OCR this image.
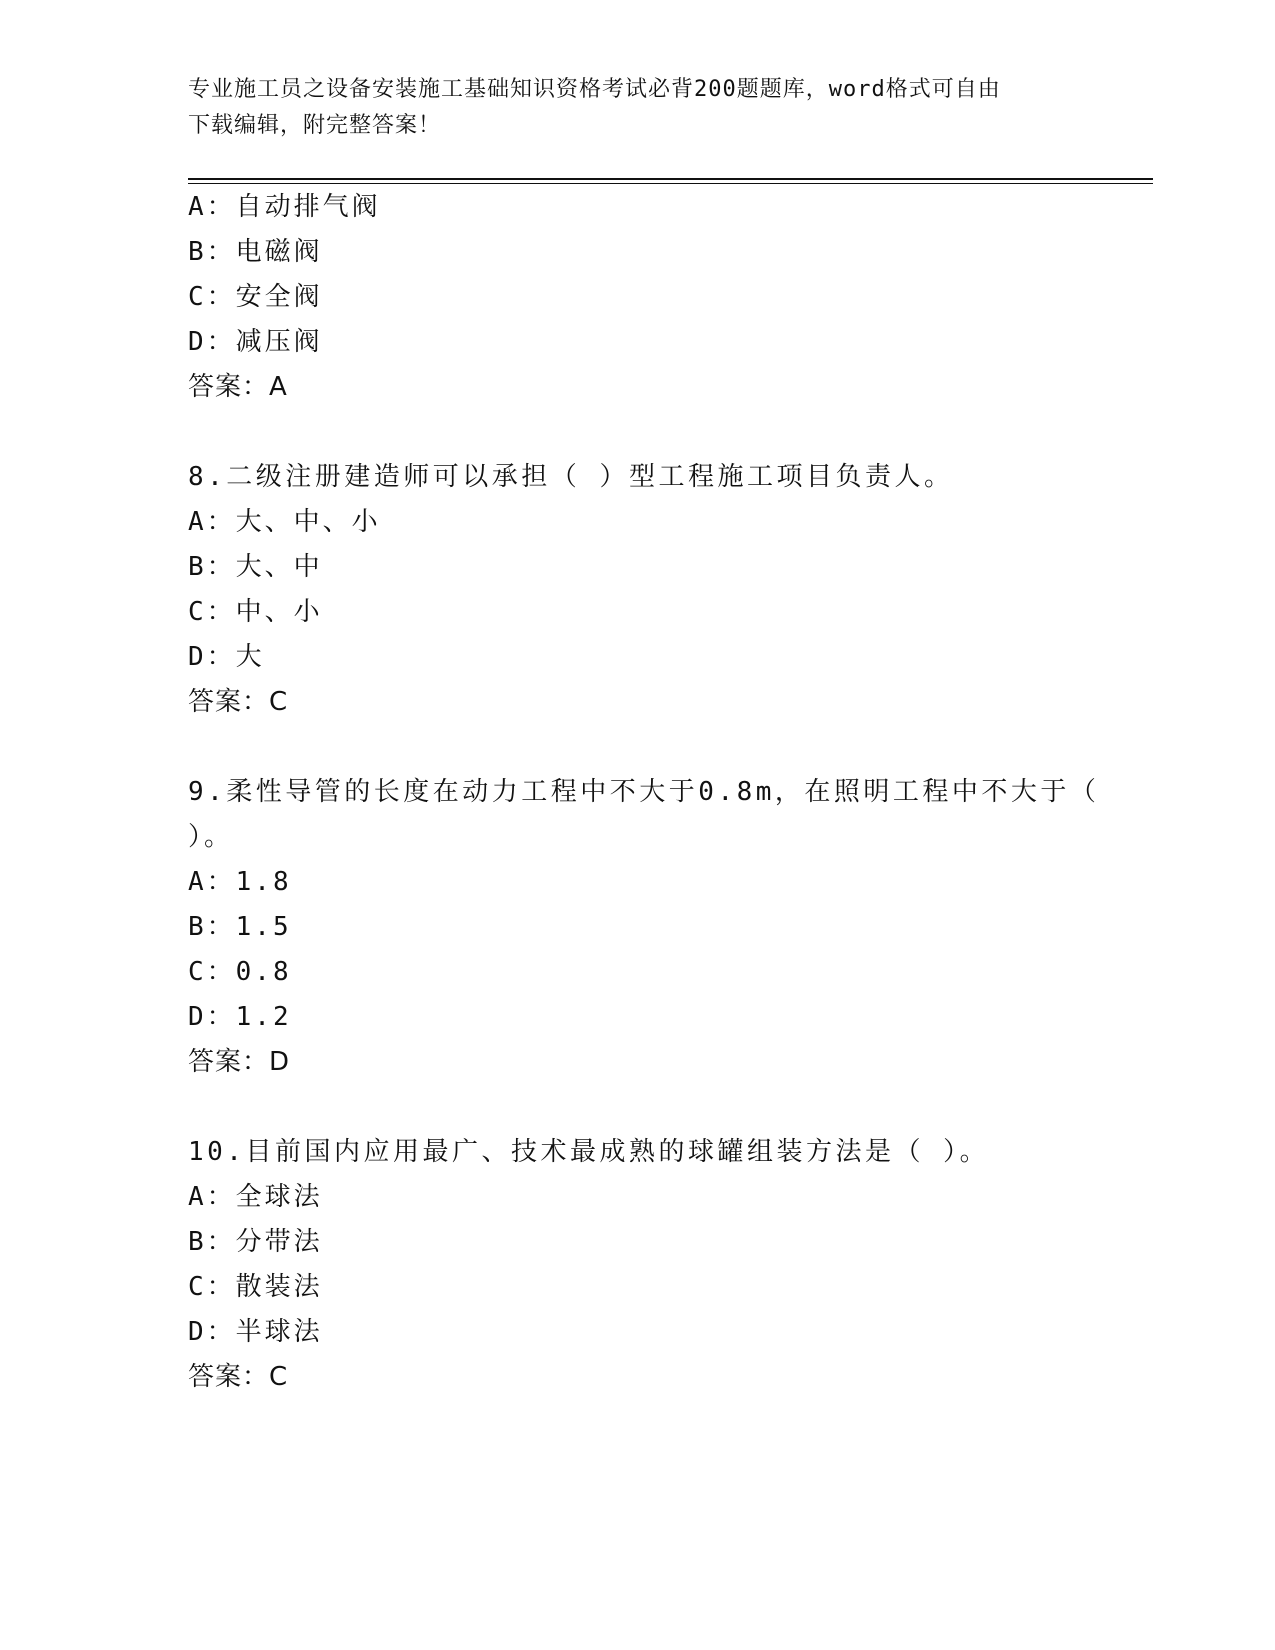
专业施工员之设备安装施工基础知识资格考试必背200题题库，word格式可自由
下载编辑，附完整答案！
A：自动排气阀
B：电磁阀
C：安全阀
D：减压阀
答案：A
8.二级注册建造师可以承担（ ）型工程施工项目负责人。
A：大、中、小
B：大、中
C：中、小
D：大
答案：C
9.柔性导管的长度在动力工程中不大于0.8m，在照明工程中不大于（
）。
A：1.8
B：1.5
C：0.8
D：1.2
答案：D
10.目前国内应用最广、技术最成熟的球罐组装方法是（ ）。
A：全球法
B：分带法
C：散装法
D：半球法
答案：C
